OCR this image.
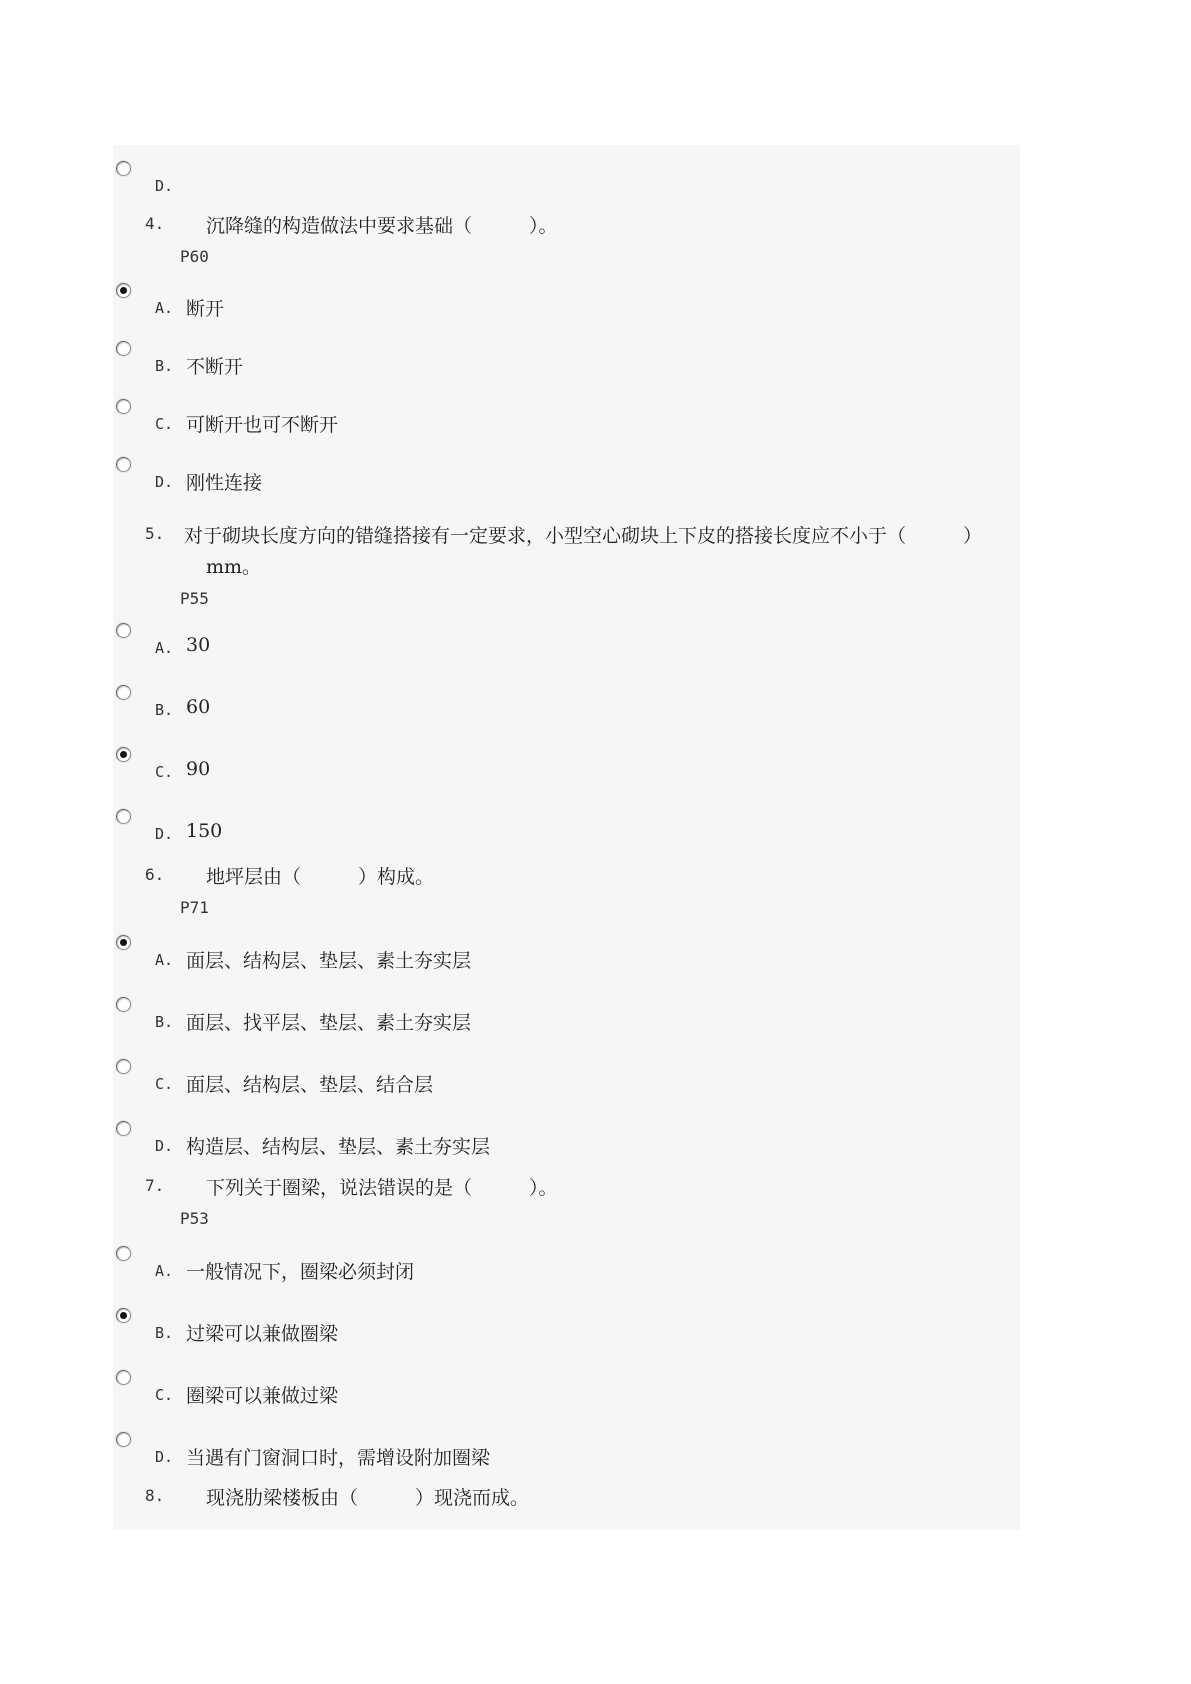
D.
4. 沉降缝的构造做法中要求基础（　　　）。
P60
A. 断开
B. 不断开
C. 可断开也可不断开
D. 刚性连接
5. 对于砌块长度方向的错缝搭接有一定要求，小型空心砌块上下皮的搭接长度应不小于（　　　）mm。
P55
A. 30
B. 60
C. 90
D. 150
6. 地坪层由（　　　）构成。
P71
A. 面层、结构层、垫层、素土夯实层
B. 面层、找平层、垫层、素土夯实层
C. 面层、结构层、垫层、结合层
D. 构造层、结构层、垫层、素土夯实层
7. 下列关于圈梁，说法错误的是（　　　）。
P53
A. 一般情况下，圈梁必须封闭
B. 过梁可以兼做圈梁
C. 圈梁可以兼做过梁
D. 当遇有门窗洞口时，需增设附加圈梁
8. 现浇肋梁楼板由（　　　）现浇而成。
